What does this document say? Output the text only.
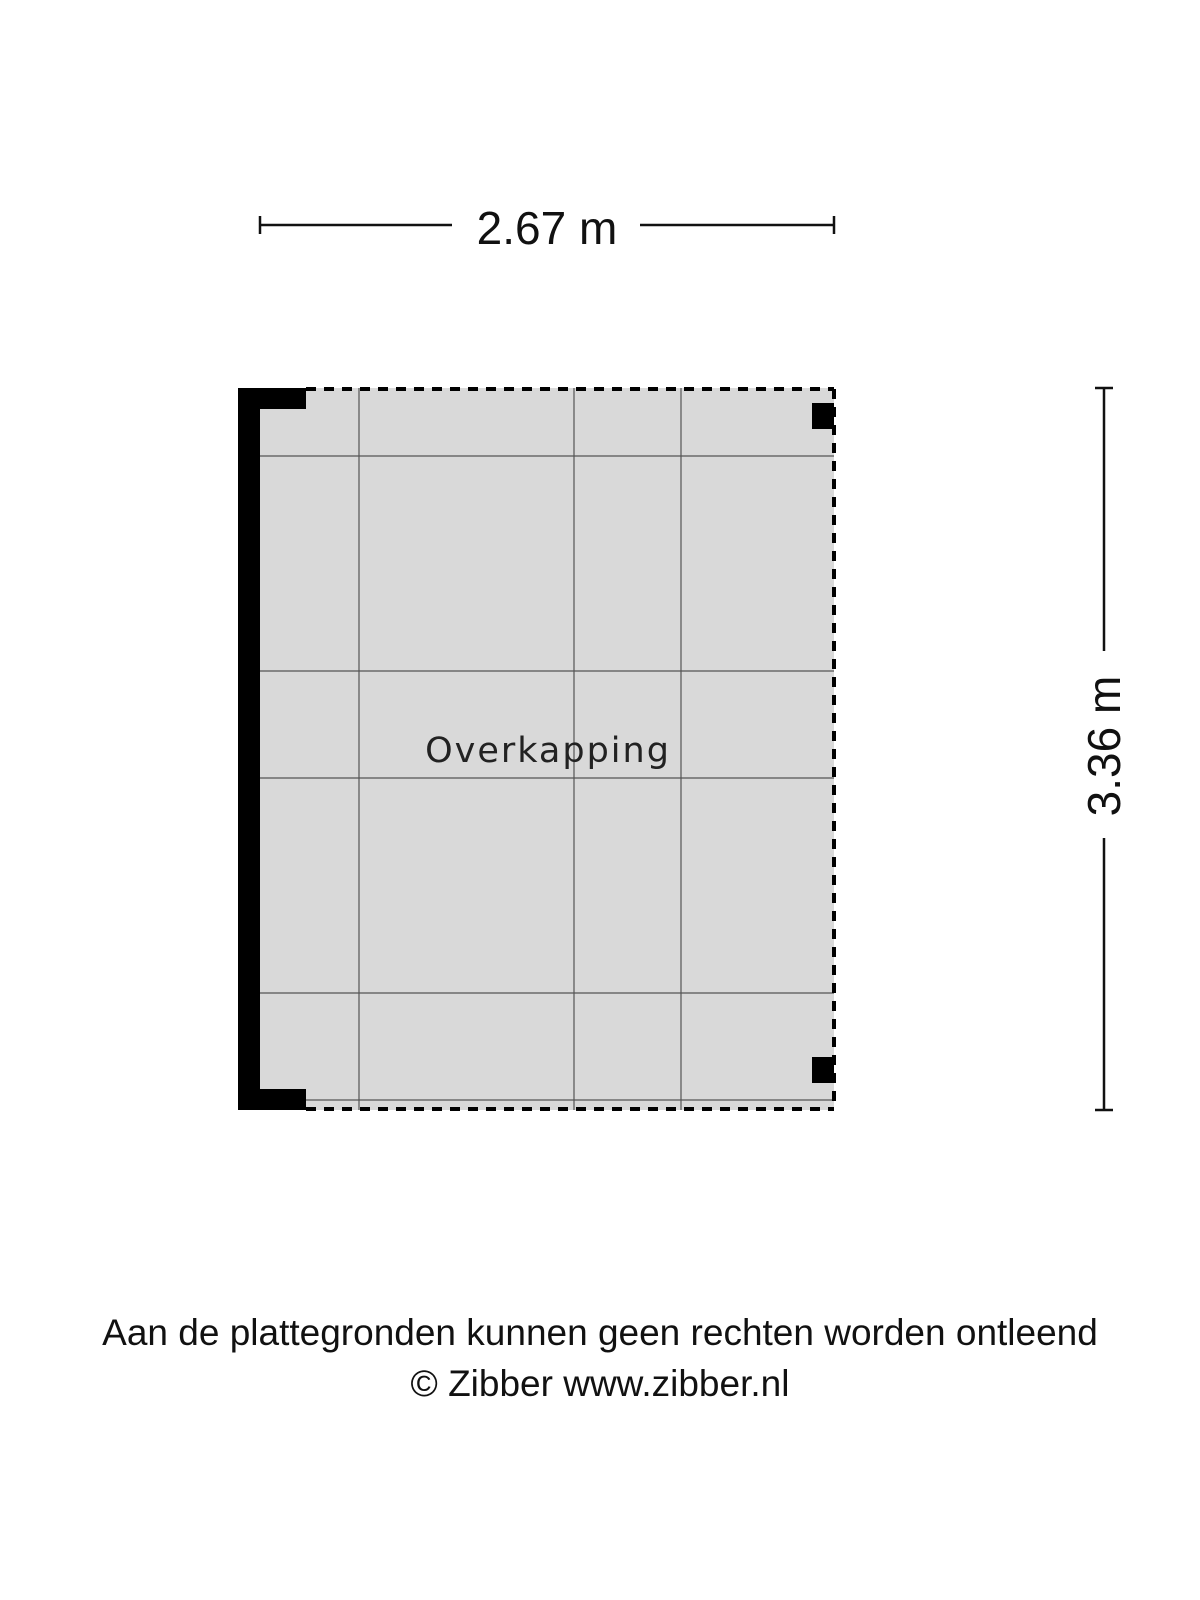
2.67 m
3.36 m
Overkapping
Aan de plattegronden kunnen geen rechten worden ontleend
© Zibber www.zibber.nl
